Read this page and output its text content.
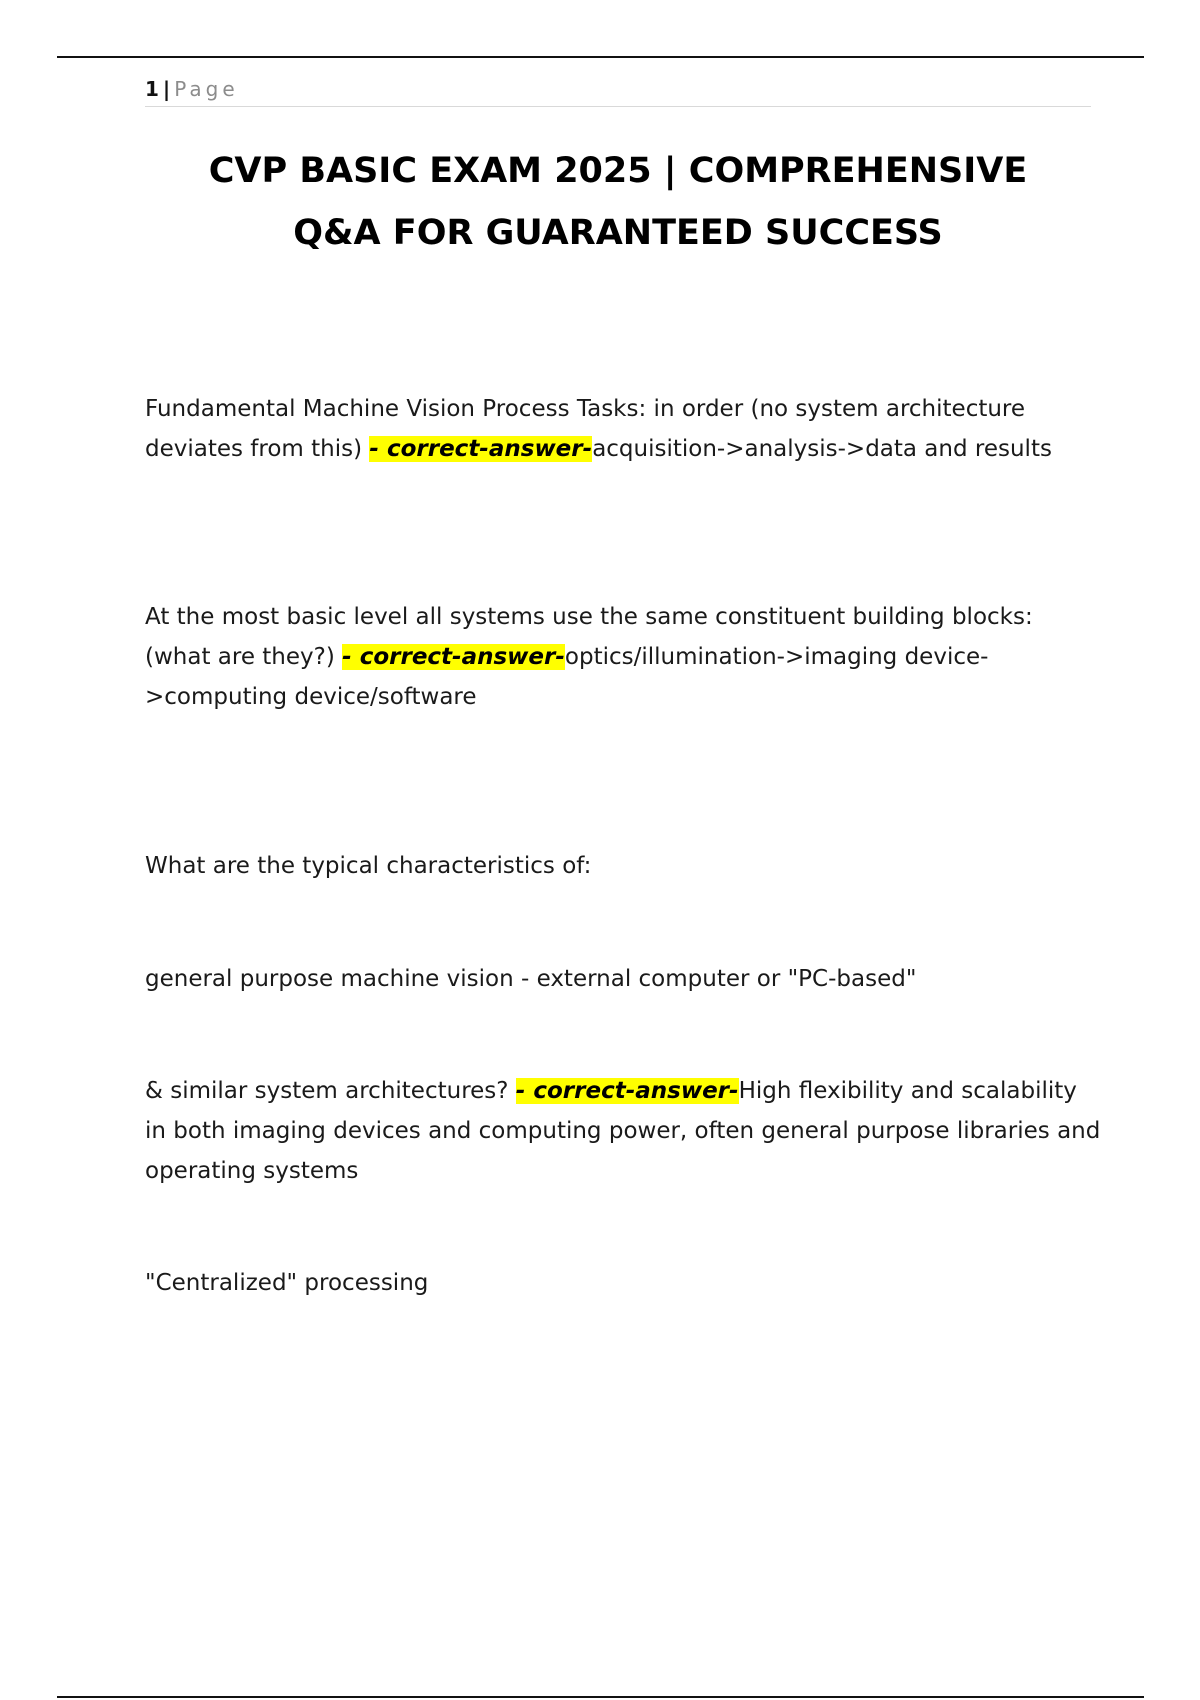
1 | Page
CVP BASIC EXAM 2025 | COMPREHENSIVE
Q&A FOR GUARANTEED SUCCESS

Fundamental Machine Vision Process Tasks: in order (no system architecture deviates from this) - correct-answer-acquisition->analysis->data and results

At the most basic level all systems use the same constituent building blocks: (what are they?) - correct-answer-optics/illumination->imaging device->computing device/software

What are the typical characteristics of:

general purpose machine vision - external computer or "PC-based"

& similar system architectures? - correct-answer-High flexibility and scalability in both imaging devices and computing power, often general purpose libraries and operating systems

"Centralized" processing
